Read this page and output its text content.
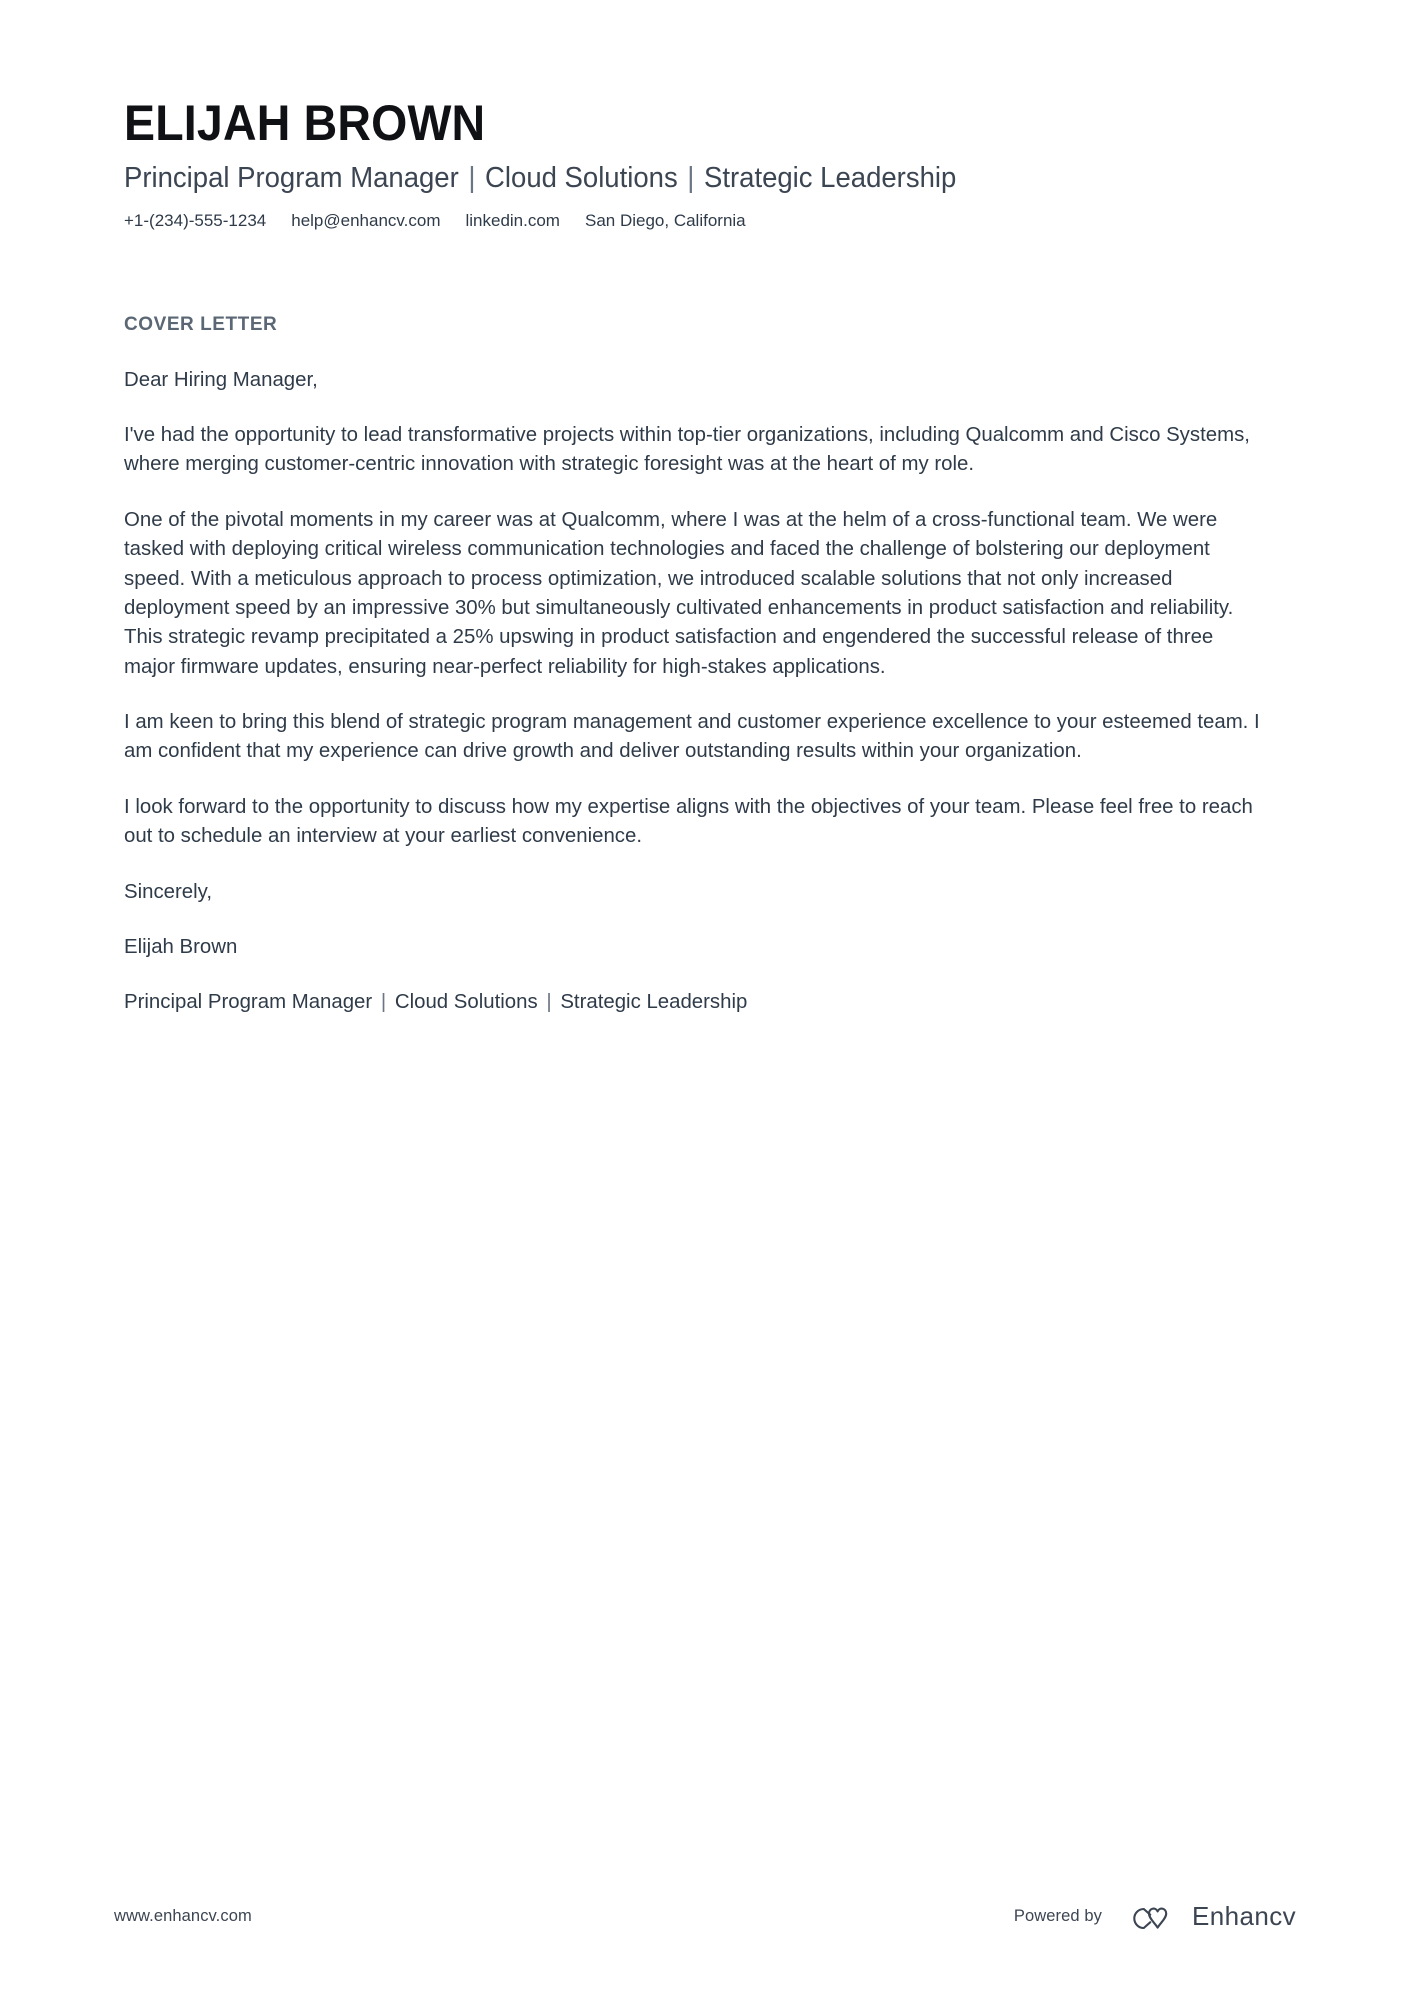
ELIJAH BROWN
Principal Program Manager | Cloud Solutions | Strategic Leadership
+1-(234)-555-1234 help@enhancv.com linkedin.com San Diego, California
COVER LETTER

Dear Hiring Manager,

I've had the opportunity to lead transformative projects within top-tier organizations, including Qualcomm and Cisco Systems, where merging customer-centric innovation with strategic foresight was at the heart of my role.

One of the pivotal moments in my career was at Qualcomm, where I was at the helm of a cross-functional team. We were tasked with deploying critical wireless communication technologies and faced the challenge of bolstering our deployment speed. With a meticulous approach to process optimization, we introduced scalable solutions that not only increased deployment speed by an impressive 30% but simultaneously cultivated enhancements in product satisfaction and reliability. This strategic revamp precipitated a 25% upswing in product satisfaction and engendered the successful release of three major firmware updates, ensuring near-perfect reliability for high-stakes applications.

I am keen to bring this blend of strategic program management and customer experience excellence to your esteemed team. I am confident that my experience can drive growth and deliver outstanding results within your organization.

I look forward to the opportunity to discuss how my expertise aligns with the objectives of your team. Please feel free to reach out to schedule an interview at your earliest convenience.

Sincerely,

Elijah Brown

Principal Program Manager | Cloud Solutions | Strategic Leadership

www.enhancv.com	Powered by	Enhancv
